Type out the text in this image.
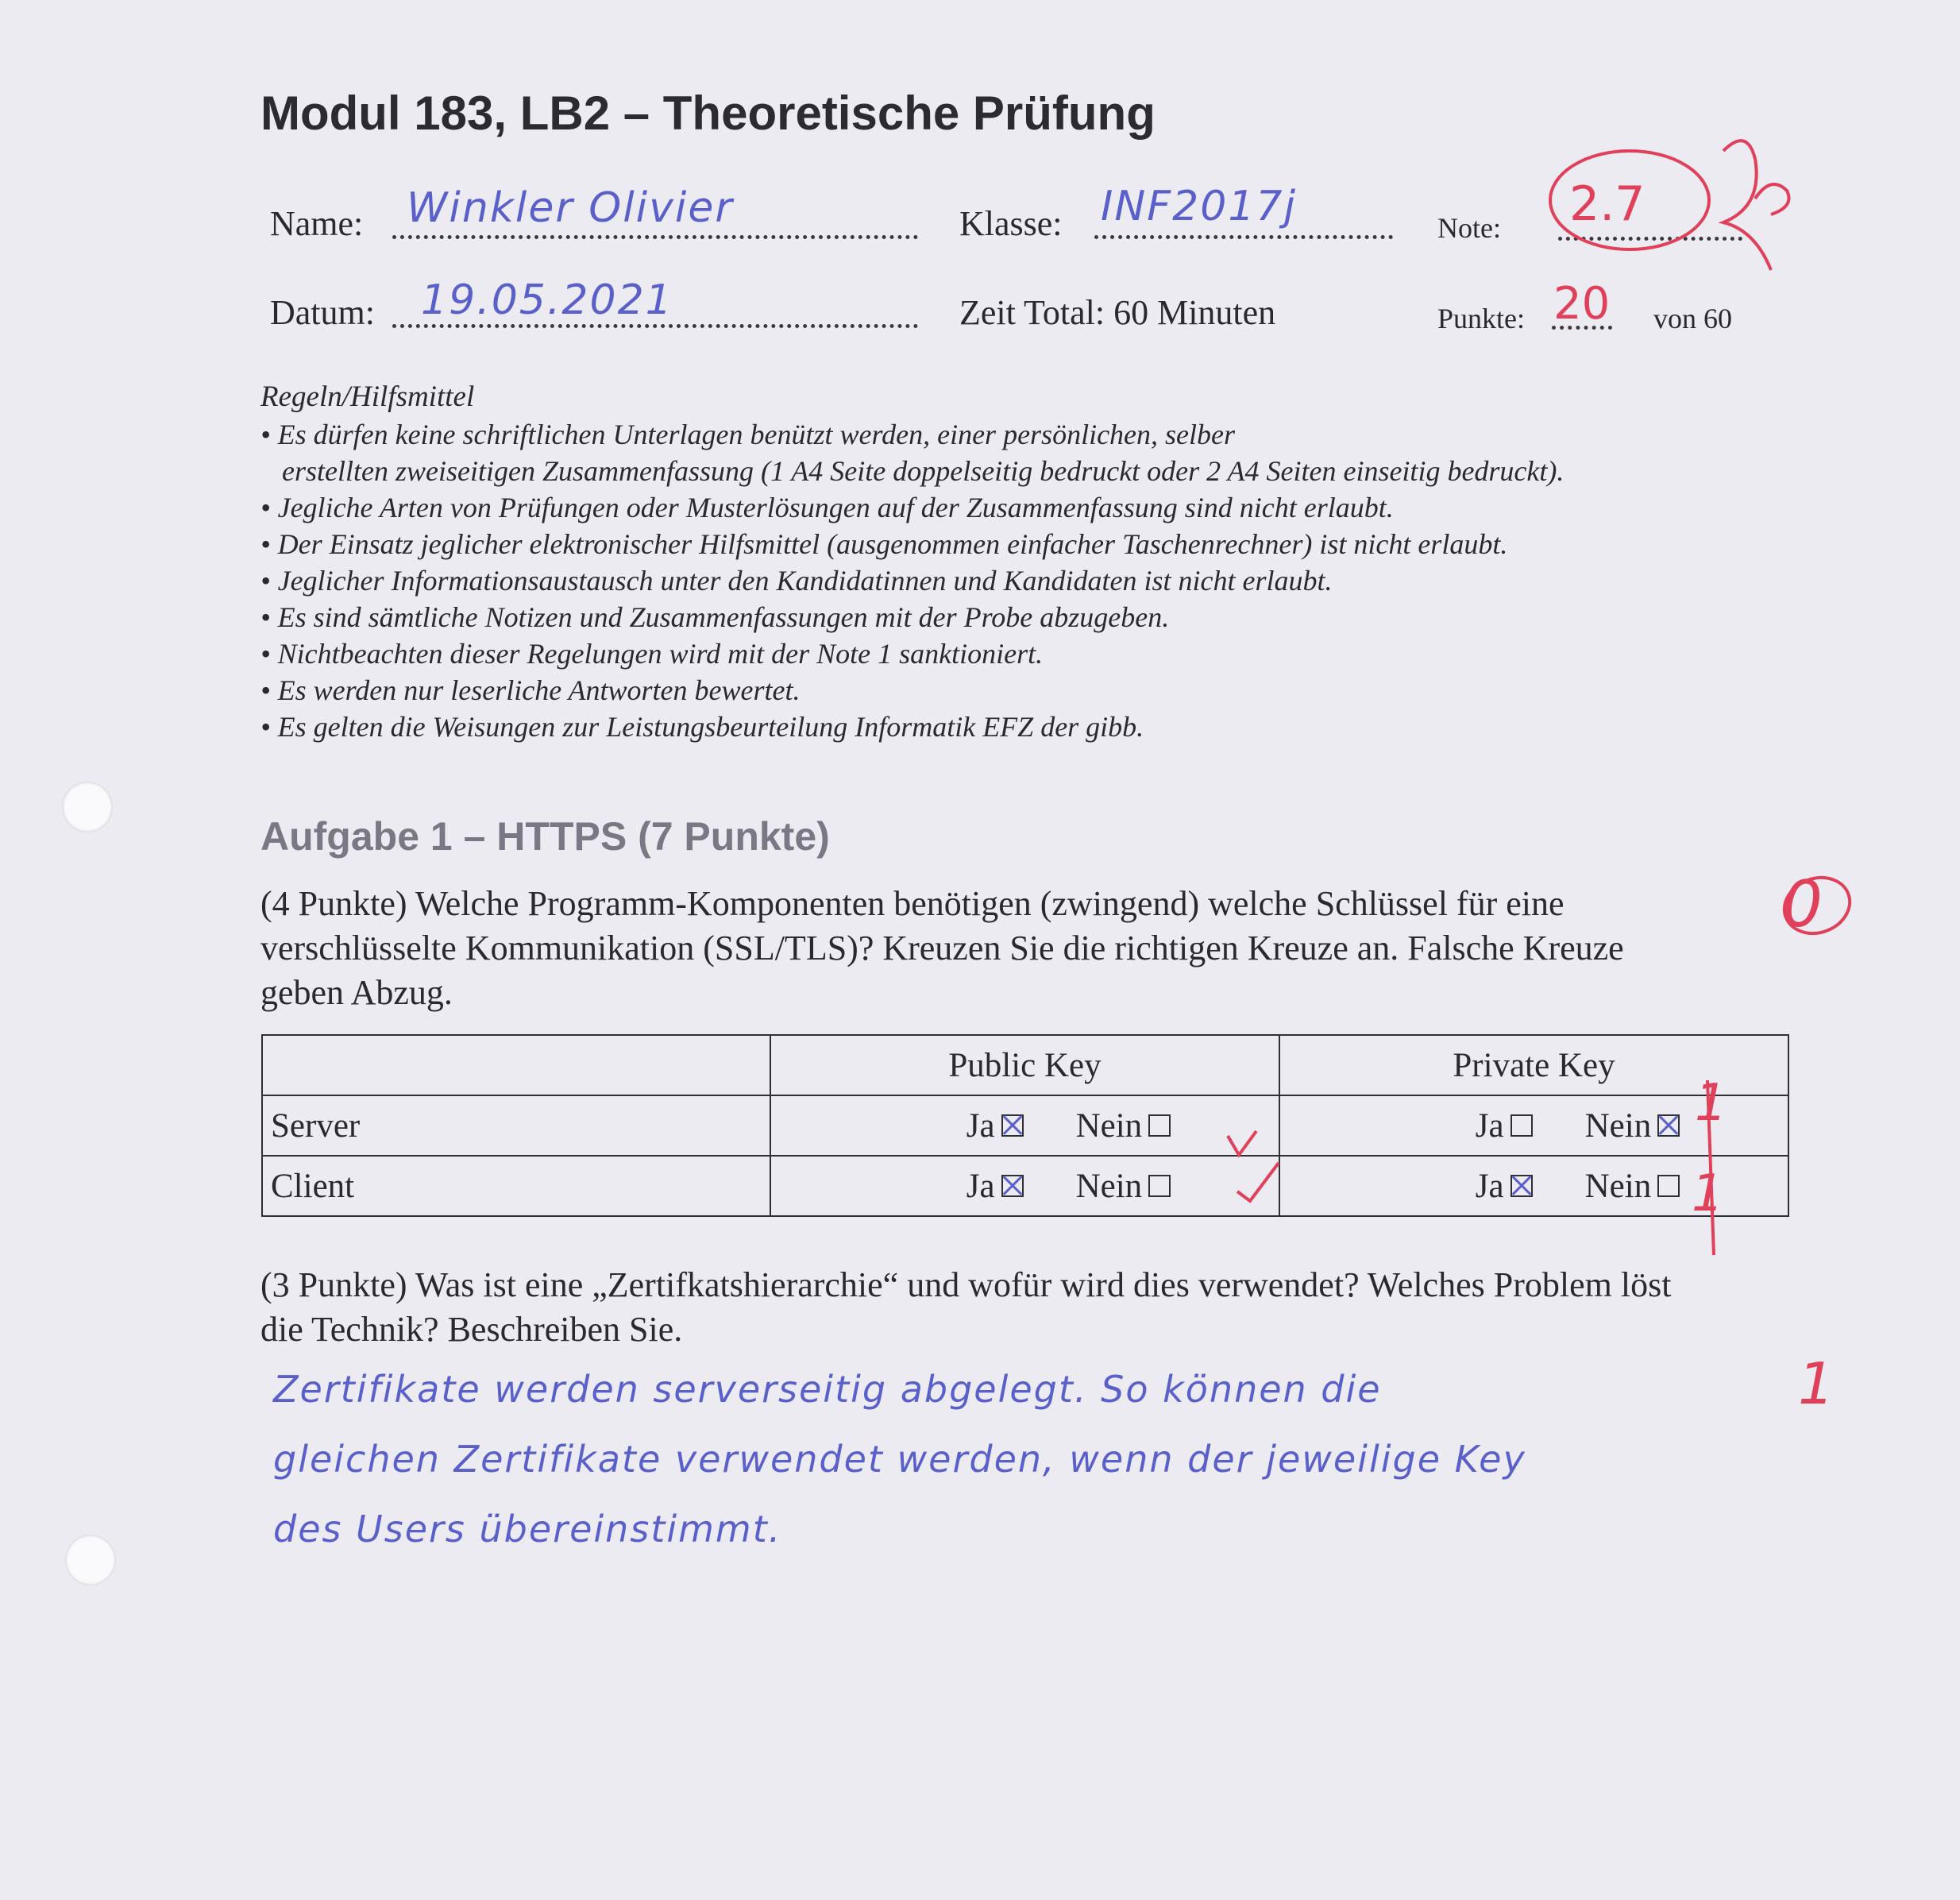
Modul 183, LB2 – Theoretische Prüfung
Name: Winkler Olivier	Klasse: INF2017j	Note: 2.7
Datum: 19.05.2021	Zeit Total: 60 Minuten	Punkte: 20 von 60
Regeln/Hilfsmittel
• Es dürfen keine schriftlichen Unterlagen benützt werden, einer persönlichen, selber
erstellten zweiseitigen Zusammenfassung (1 A4 Seite doppelseitig bedruckt oder 2 A4 Seiten einseitig bedruckt).
• Jegliche Arten von Prüfungen oder Musterlösungen auf der Zusammenfassung sind nicht erlaubt.
• Der Einsatz jeglicher elektronischer Hilfsmittel (ausgenommen einfacher Taschenrechner) ist nicht erlaubt.
• Jeglicher Informationsaustausch unter den Kandidatinnen und Kandidaten ist nicht erlaubt.
• Es sind sämtliche Notizen und Zusammenfassungen mit der Probe abzugeben.
• Nichtbeachten dieser Regelungen wird mit der Note 1 sanktioniert.
• Es werden nur leserliche Antworten bewertet.
• Es gelten die Weisungen zur Leistungsbeurteilung Informatik EFZ der gibb.
Aufgabe 1 – HTTPS (7 Punkte)

(4 Punkte) Welche Programm-Komponenten benötigen (zwingend) welche Schlüssel für eine verschlüsselte Kommunikation (SSL/TLS)? Kreuzen Sie die richtigen Kreuze an. Falsche Kreuze geben Abzug.

0
	Public Key	Private Key
Server	Ja Nein	Ja Nein

Client	Ja Nein	Ja Nein
1
1

(3 Punkte) Was ist eine „Zertifkatshierarchie“ und wofür wird dies verwendet? Welches Problem löst die Technik? Beschreiben Sie.

1
Zertifikate werden serverseitig abgelegt. So können die
gleichen Zertifikate verwendet werden, wenn der jeweilige Key
des Users übereinstimmt.
